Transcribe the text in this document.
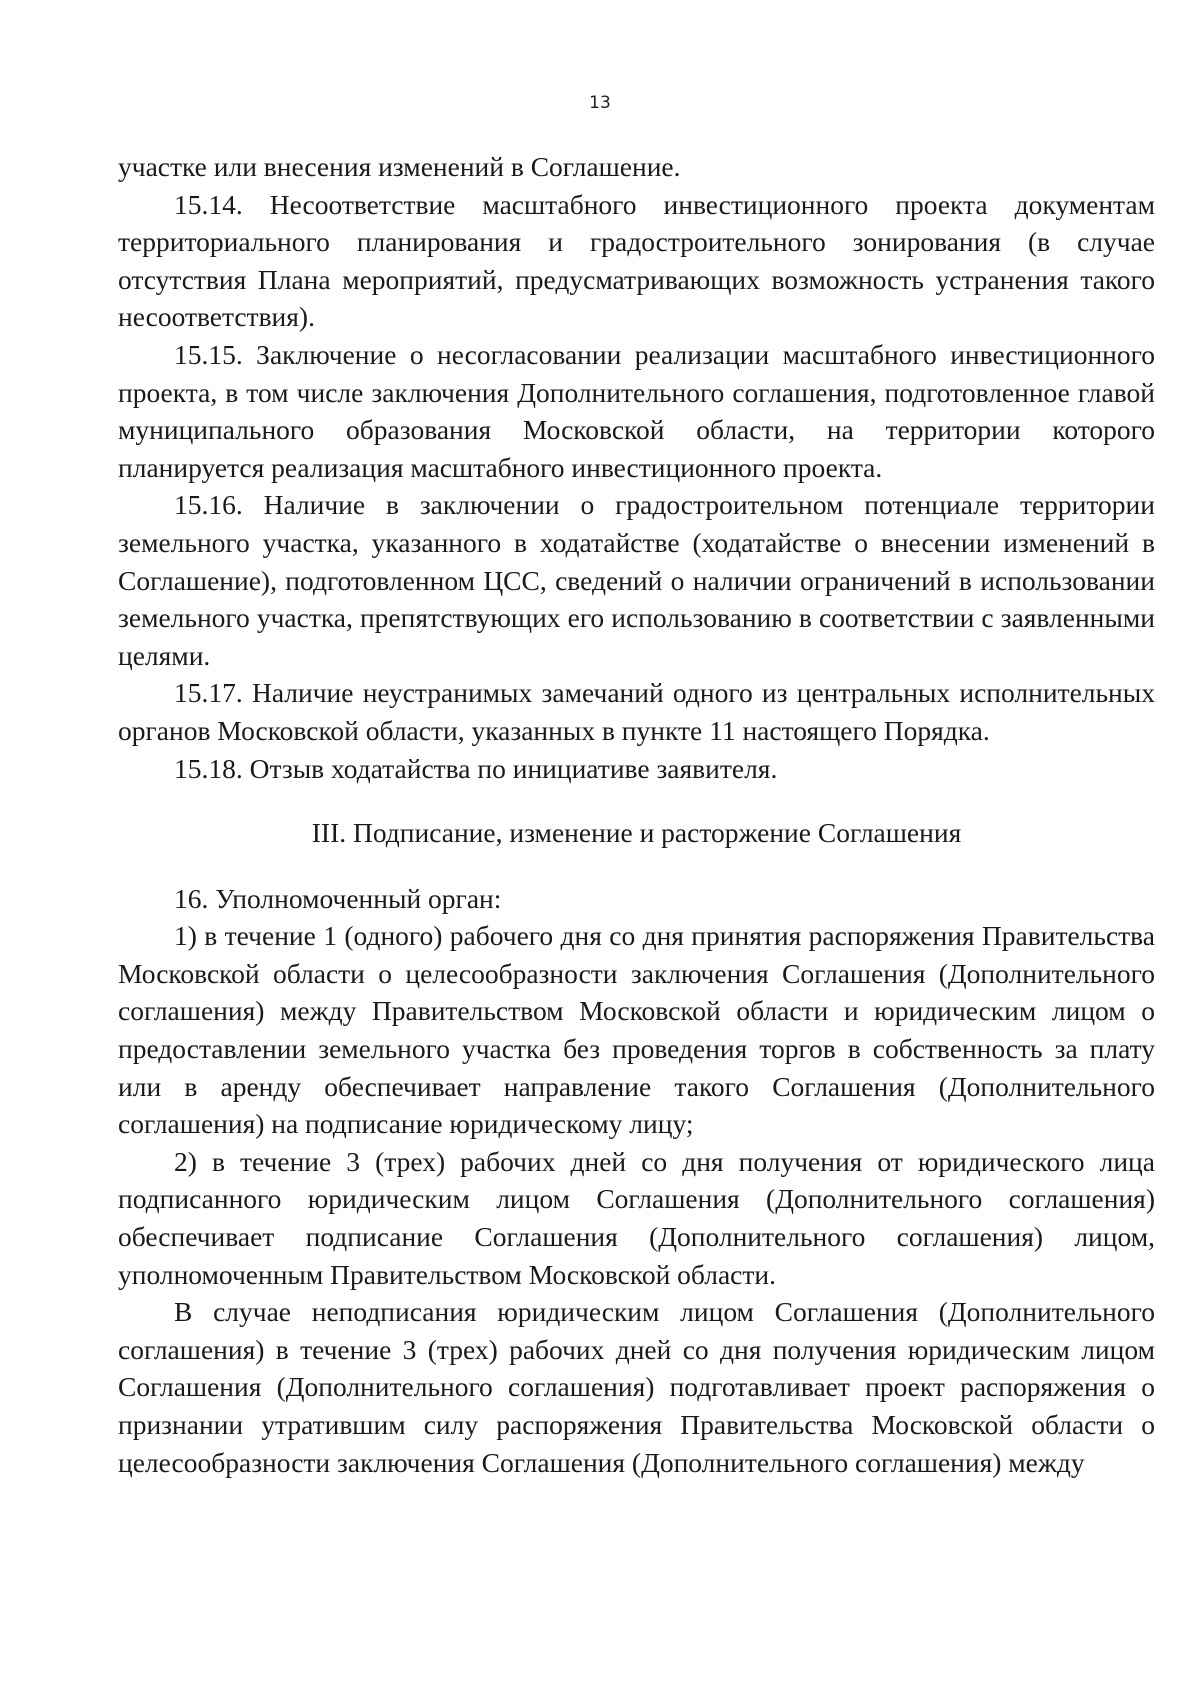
13

участке или внесения изменений в Соглашение.

15.14. Несоответствие масштабного инвестиционного проекта документам территориального планирования и градостроительного зонирования (в случае отсутствия Плана мероприятий, предусматривающих возможность устранения такого несоответствия).

15.15. Заключение о несогласовании реализации масштабного инвестиционного проекта, в том числе заключения Дополнительного соглашения, подготовленное главой муниципального образования Московской области, на территории которого планируется реализация масштабного инвестиционного проекта.

15.16. Наличие в заключении о градостроительном потенциале территории земельного участка, указанного в ходатайстве (ходатайстве о внесении изменений в Соглашение), подготовленном ЦСС, сведений о наличии ограничений в использовании земельного участка, препятствующих его использованию в соответствии с заявленными целями.

15.17. Наличие неустранимых замечаний одного из центральных исполнительных органов Московской области, указанных в пункте 11 настоящего Порядка.

15.18. Отзыв ходатайства по инициативе заявителя.

III. Подписание, изменение и расторжение Соглашения

16. Уполномоченный орган:

1) в течение 1 (одного) рабочего дня со дня принятия распоряжения Правительства Московской области о целесообразности заключения Соглашения (Дополнительного соглашения) между Правительством Московской области и юридическим лицом о предоставлении земельного участка без проведения торгов в собственность за плату или в аренду обеспечивает направление такого Соглашения (Дополнительного соглашения) на подписание юридическому лицу;

2) в течение 3 (трех) рабочих дней со дня получения от юридического лица подписанного юридическим лицом Соглашения (Дополнительного соглашения) обеспечивает подписание Соглашения (Дополнительного соглашения) лицом, уполномоченным Правительством Московской области.

В случае неподписания юридическим лицом Соглашения (Дополнительного соглашения) в течение 3 (трех) рабочих дней со дня получения юридическим лицом Соглашения (Дополнительного соглашения) подготавливает проект распоряжения о признании утратившим силу распоряжения Правительства Московской области о целесообразности заключения Соглашения (Дополнительного соглашения) между
